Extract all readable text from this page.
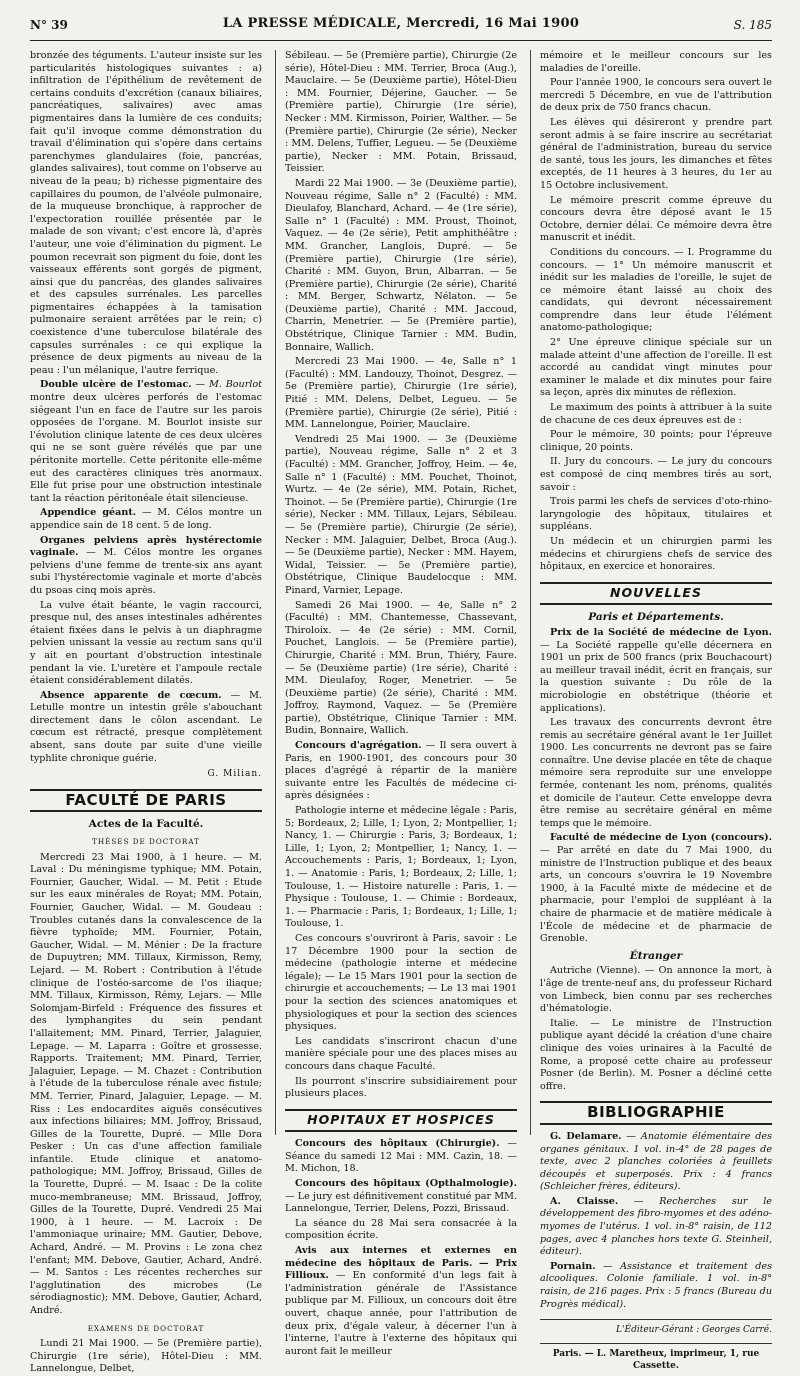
N° 39	LA PRESSE MÉDICALE, Mercredi, 16 Mai 1900	S. 185

bronzée des téguments. L'auteur insiste sur les particularités histologiques suivantes : a) infiltration de l'épithélium de revêtement de certains conduits d'excrétion (canaux biliaires, pancréatiques, salivaires) avec amas pigmentaires dans la lumière de ces conduits; fait qu'il invoque comme démonstration du travail d'élimination qui s'opère dans certains parenchymes glandulaires (foie, pancréas, glandes salivaires), tout comme on l'observe au niveau de la peau; b) richesse pigmentaire des capillaires du poumon, de l'alvéole pulmonaire, de la muqueuse bronchique, à rapprocher de l'expectoration rouillée présentée par le malade de son vivant; c'est encore là, d'après l'auteur, une voie d'élimination du pigment. Le poumon recevrait son pigment du foie, dont les vaisseaux efférents sont gorgés de pigment, ainsi que du pancréas, des glandes salivaires et des capsules surrénales. Les parcelles pigmentaires échappées à la tamisation pulmonaire seraient arrêtées par le rein; c) coexistence d'une tuberculose bilatérale des capsules surrénales : ce qui explique la présence de deux pigments au niveau de la peau : l'un mélanique, l'autre ferrique.

Double ulcère de l'estomac. — M. Bourlot montre deux ulcères perforés de l'estomac siégeant l'un en face de l'autre sur les parois opposées de l'organe. M. Bourlot insiste sur l'évolution clinique latente de ces deux ulcères qui ne se sont guère révélés que par une péritonite mortelle. Cette péritonite elle-même eut des caractères cliniques très anormaux. Elle fut prise pour une obstruction intestinale tant la réaction péritonéale était silencieuse.

Appendice géant. — M. Célos montre un appendice sain de 18 cent. 5 de long.

Organes pelviens après hystérectomie vaginale. — M. Célos montre les organes pelviens d'une femme de trente-six ans ayant subi l'hystérectomie vaginale et morte d'abcès du psoas cinq mois après.

La vulve était béante, le vagin raccourci, presque nul, des anses intestinales adhérentes étaient fixées dans le pelvis à un diaphragme pelvien unissant la vessie au rectum sans qu'il y ait en pourtant d'obstruction intestinale pendant la vie. L'uretère et l'ampoule rectale étaient considérablement dilatés.

Absence apparente de cœcum. — M. Letulle montre un intestin grêle s'abouchant directement dans le côlon ascendant. Le cœcum est rétracté, presque complètement absent, sans doute par suite d'une vieille typhlite chronique guérie.

G. Milian.
FACULTÉ DE PARIS
Actes de la Faculté.
THÈSES DE DOCTORAT

Mercredi 23 Mai 1900, à 1 heure. — M. Laval : Du méningisme typhique; MM. Potain, Fournier, Gaucher, Widal. — M. Petit : Etude sur les eaux minérales de Royat; MM. Potain, Fournier, Gaucher, Widal. — M. Goudeau : Troubles cutanés dans la convalescence de la fièvre typhoïde; MM. Fournier, Potain, Gaucher, Widal. — M. Ménier : De la fracture de Dupuytren; MM. Tillaux, Kirmisson, Remy, Lejard. — M. Robert : Contribution à l'étude clinique de l'ostéo-sarcome de l'os iliaque; MM. Tillaux, Kirmisson, Rémy, Lejars. — Mlle Solomjam-Birfeld : Fréquence des fissures et des lymphangites du sein pendant l'allaitement; MM. Pinard, Terrier, Jalaguier, Lepage. — M. Laparra : Goître et grossesse. Rapports. Traitement; MM. Pinard, Terrier, Jalaguier, Lepage. — M. Chazet : Contribution à l'étude de la tuberculose rénale avec fistule; MM. Terrier, Pinard, Jalaguier, Lepage. — M. Riss : Les endocardites aiguës consécutives aux infections biliaires; MM. Joffroy, Brissaud, Gilles de la Tourette, Dupré. — Mlle Dora Pesker : Un cas d'une affection familiale infantile. Etude clinique et anatomo-pathologique; MM. Joffroy, Brissaud, Gilles de la Tourette, Dupré. — M. Isaac : De la colite muco-membraneuse; MM. Brissaud, Joffroy, Gilles de la Tourette, Dupré. Vendredi 25 Mai 1900, à 1 heure. — M. Lacroix : De l'ammoniaque urinaire; MM. Gautier, Debove, Achard, André. — M. Provins : Le zona chez l'enfant; MM. Debove, Gautier, Achard, André. — M. Santos : Les récentes recherches sur l'agglutination des microbes (Le sérodiagnostic); MM. Debove, Gautier, Achard, André.

EXAMENS DE DOCTORAT

Lundi 21 Mai 1900. — 5e (Première partie), Chirurgie (1re série), Hôtel-Dieu : MM. Lannelongue, Delbet,

Sébileau. — 5e (Première partie), Chirurgie (2e série), Hôtel-Dieu : MM. Terrier, Broca (Aug.), Mauclaire. — 5e (Deuxième partie), Hôtel-Dieu : MM. Fournier, Déjerine, Gaucher. — 5e (Première partie), Chirurgie (1re série), Necker : MM. Kirmisson, Poirier, Walther. — 5e (Première partie), Chirurgie (2e série), Necker : MM. Delens, Tuffier, Legueu. — 5e (Deuxième partie), Necker : MM. Potain, Brissaud, Teissier.

Mardi 22 Mai 1900. — 3e (Deuxième partie), Nouveau régime, Salle n° 2 (Faculté) : MM. Dieulafoy, Blanchard, Achard. — 4e (1re série), Salle n° 1 (Faculté) : MM. Proust, Thoinot, Vaquez. — 4e (2e série), Petit amphithéâtre : MM. Grancher, Langlois, Dupré. — 5e (Première partie), Chirurgie (1re série), Charité : MM. Guyon, Brun, Albarran. — 5e (Première partie), Chirurgie (2e série), Charité : MM. Berger, Schwartz, Nélaton. — 5e (Deuxième partie), Charité : MM. Jaccoud, Charrin, Menetrier. — 5e (Première partie), Obstétrique, Clinique Tarnier : MM. Budin, Bonnaire, Wallich.

Mercredi 23 Mai 1900. — 4e, Salle n° 1 (Faculté) : MM. Landouzy, Thoinot, Desgrez. — 5e (Première partie), Chirurgie (1re série), Pitié : MM. Delens, Delbet, Legueu. — 5e (Première partie), Chirurgie (2e série), Pitié : MM. Lannelongue, Poirier, Mauclaire.

Vendredi 25 Mai 1900. — 3e (Deuxième partie), Nouveau régime, Salle n° 2 et 3 (Faculté) : MM. Grancher, Joffroy, Heim. — 4e, Salle n° 1 (Faculté) : MM. Pouchet, Thoinot, Wurtz. — 4e (2e série), MM. Potain, Richet, Thoinot. — 5e (Première partie), Chirurgie (1re série), Necker : MM. Tillaux, Lejars, Sébileau. — 5e (Première partie), Chirurgie (2e série), Necker : MM. Jalaguier, Delbet, Broca (Aug.). — 5e (Deuxième partie), Necker : MM. Hayem, Widal, Teissier. — 5e (Première partie), Obstétrique, Clinique Baudelocque : MM. Pinard, Varnier, Lepage.

Samedi 26 Mai 1900. — 4e, Salle n° 2 (Faculté) : MM. Chantemesse, Chassevant, Thiroloix. — 4e (2e série) : MM. Cornil, Pouchet, Langlois. — 5e (Première partie), Chirurgie, Charité : MM. Brun, Thiéry, Faure. — 5e (Deuxième partie) (1re série), Charité : MM. Dieulafoy, Roger, Menetrier. — 5e (Deuxième partie) (2e série), Charité : MM. Joffroy, Raymond, Vaquez. — 5e (Première partie), Obstétrique, Clinique Tarnier : MM. Budin, Bonnaire, Wallich.

Concours d'agrégation. — Il sera ouvert à Paris, en 1900-1901, des concours pour 30 places d'agrégé à répartir de la manière suivante entre les Facultés de médecine ci-après désignées :

Pathologie interne et médecine légale : Paris, 5; Bordeaux, 2; Lille, 1; Lyon, 2; Montpellier, 1; Nancy, 1. — Chirurgie : Paris, 3; Bordeaux, 1; Lille, 1; Lyon, 2; Montpellier, 1; Nancy, 1. — Accouchements : Paris, 1; Bordeaux, 1; Lyon, 1. — Anatomie : Paris, 1; Bordeaux, 2; Lille, 1; Toulouse, 1. — Histoire naturelle : Paris, 1. — Physique : Toulouse, 1. — Chimie : Bordeaux, 1. — Pharmacie : Paris, 1; Bordeaux, 1; Lille, 1; Toulouse, 1.

Ces concours s'ouvriront à Paris, savoir : Le 17 Décembre 1900 pour la section de médecine (pathologie interne et médecine légale); — Le 15 Mars 1901 pour la section de chirurgie et accouchements; — Le 13 mai 1901 pour la section des sciences anatomiques et physiologiques et pour la section des sciences physiques.

Les candidats s'inscriront chacun d'une manière spéciale pour une des places mises au concours dans chaque Faculté.

Ils pourront s'inscrire subsidiairement pour plusieurs places.

HOPITAUX ET HOSPICES

Concours des hôpitaux (Chirurgie). — Séance du samedi 12 Mai : MM. Cazin, 18. — M. Michon, 18.

Concours des hôpitaux (Opthalmologie). — Le jury est définitivement constitué par MM. Lannelongue, Terrier, Delens, Pozzi, Brissaud.

La séance du 28 Mai sera consacrée à la composition écrite.

Avis aux internes et externes en médecine des hôpitaux de Paris. — Prix Fillioux. — En conformité d'un legs fait à l'administration générale de l'Assistance publique par M. Fillioux, un concours doit être ouvert, chaque année, pour l'attribution de deux prix, d'égale valeur, à décerner l'un à l'interne, l'autre à l'externe des hôpitaux qui auront fait le meilleur

mémoire et le meilleur concours sur les maladies de l'oreille.

Pour l'année 1900, le concours sera ouvert le mercredi 5 Décembre, en vue de l'attribution de deux prix de 750 francs chacun.

Les élèves qui désireront y prendre part seront admis à se faire inscrire au secrétariat général de l'administration, bureau du service de santé, tous les jours, les dimanches et fêtes exceptés, de 11 heures à 3 heures, du 1er au 15 Octobre inclusivement.

Le mémoire prescrit comme épreuve du concours devra être déposé avant le 15 Octobre, dernier délai. Ce mémoire devra être manuscrit et inédit.

Conditions du concours. — I. Programme du concours. — 1° Un mémoire manuscrit et inédit sur les maladies de l'oreille, le sujet de ce mémoire étant laissé au choix des candidats, qui devront nécessairement comprendre dans leur étude l'élément anatomo-pathologique;

2° Une épreuve clinique spéciale sur un malade atteint d'une affection de l'oreille. Il est accordé au candidat vingt minutes pour examiner le malade et dix minutes pour faire sa leçon, après dix minutes de réflexion.

Le maximum des points à attribuer à la suite de chacune de ces deux épreuves est de :

Pour le mémoire, 30 points; pour l'épreuve clinique, 20 points.

II. Jury du concours. — Le jury du concours est composé de cinq membres tirés au sort, savoir :

Trois parmi les chefs de services d'oto-rhino-laryngologie des hôpitaux, titulaires et suppléans.

Un médecin et un chirurgien parmi les médecins et chirurgiens chefs de service des hôpitaux, en exercice et honoraires.

NOUVELLES
Paris et Départements.

Prix de la Société de médecine de Lyon. — La Société rappelle qu'elle décernera en 1901 un prix de 500 francs (prix Bouchacourt) au meilleur travail inédit, écrit en français, sur la question suivante : Du rôle de la microbiologie en obstétrique (théorie et applications).

Les travaux des concurrents devront être remis au secrétaire général avant le 1er Juillet 1900. Les concurrents ne devront pas se faire connaître. Une devise placée en tête de chaque mémoire sera reproduite sur une enveloppe fermée, contenant les nom, prénoms, qualités et domicile de l'auteur. Cette enveloppe devra être remise au secrétaire général en même temps que le mémoire.

Faculté de médecine de Lyon (concours). — Par arrêté en date du 7 Mai 1900, du ministre de l'Instruction publique et des beaux arts, un concours s'ouvrira le 19 Novembre 1900, à la Faculté mixte de médecine et de pharmacie, pour l'emploi de suppléant à la chaire de pharmacie et de matière médicale à l'École de médecine et de pharmacie de Grenoble.

Étranger

Autriche (Vienne). — On annonce la mort, à l'âge de trente-neuf ans, du professeur Richard von Limbeck, bien connu par ses recherches d'hématologie.

Italie. — Le ministre de l'Instruction publique ayant décidé la création d'une chaire clinique des voies urinaires à la Faculté de Rome, a proposé cette chaire au professeur Posner (de Berlin). M. Posner a décliné cette offre.

BIBLIOGRAPHIE

G. Delamare. — Anatomie élémentaire des organes génitaux. 1 vol. in-4° de 28 pages de texte, avec 2 planches coloriées à feuillets découpés et superposés. Prix : 4 francs (Schleicher frères, éditeurs).

A. Claisse. — Recherches sur le développement des fibro-myomes et des adéno-myomes de l'utérus. 1 vol. in-8° raisin, de 112 pages, avec 4 planches hors texte G. Steinheil, éditeur).

Pornain. — Assistance et traitement des alcooliques. Colonie familiale. 1 vol. in-8° raisin, de 216 pages. Prix : 5 francs (Bureau du Progrès médical).

L'Éditeur-Gérant : Georges Carré.
Paris. — L. Maretheux, imprimeur, 1, rue Cassette.
